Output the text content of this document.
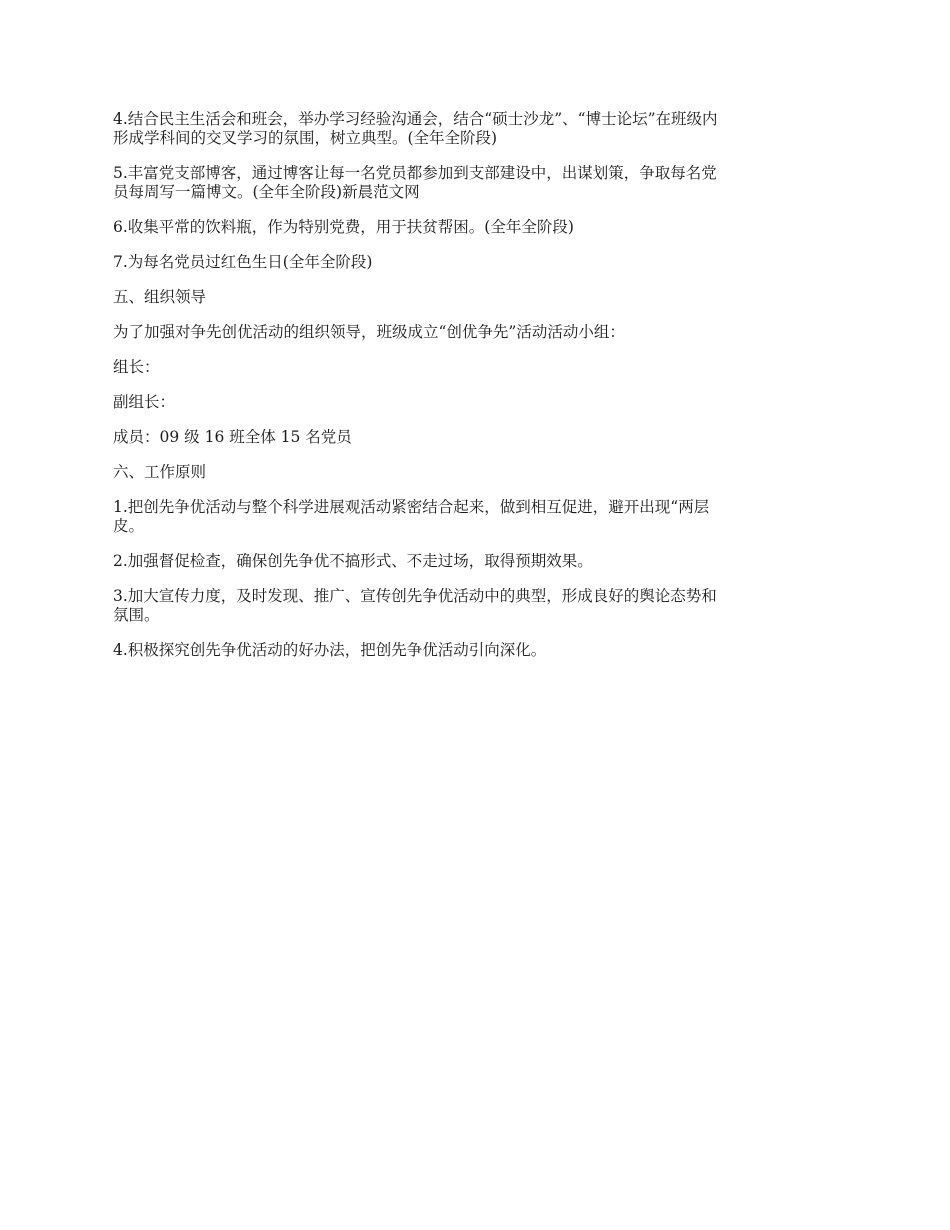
4.结合民主生活会和班会，举办学习经验沟通会，结合“硕士沙龙”、“博士论坛”在班级内
形成学科间的交叉学习的氛围，树立典型。(全年全阶段)

5.丰富党支部博客，通过博客让每一名党员都参加到支部建设中，出谋划策，争取每名党
员每周写一篇博文。(全年全阶段)新晨范文网

6.收集平常的饮料瓶，作为特别党费，用于扶贫帮困。(全年全阶段)

7.为每名党员过红色生日(全年全阶段)

五、组织领导

为了加强对争先创优活动的组织领导，班级成立“创优争先”活动活动小组：

组长：

副组长：

成员：09 级 16 班全体 15 名党员

六、工作原则

1.把创先争优活动与整个科学进展观活动紧密结合起来，做到相互促进，避开出现“两层
皮。

2.加强督促检查，确保创先争优不搞形式、不走过场，取得预期效果。

3.加大宣传力度，及时发现、推广、宣传创先争优活动中的典型，形成良好的舆论态势和
氛围。

4.积极探究创先争优活动的好办法，把创先争优活动引向深化。
